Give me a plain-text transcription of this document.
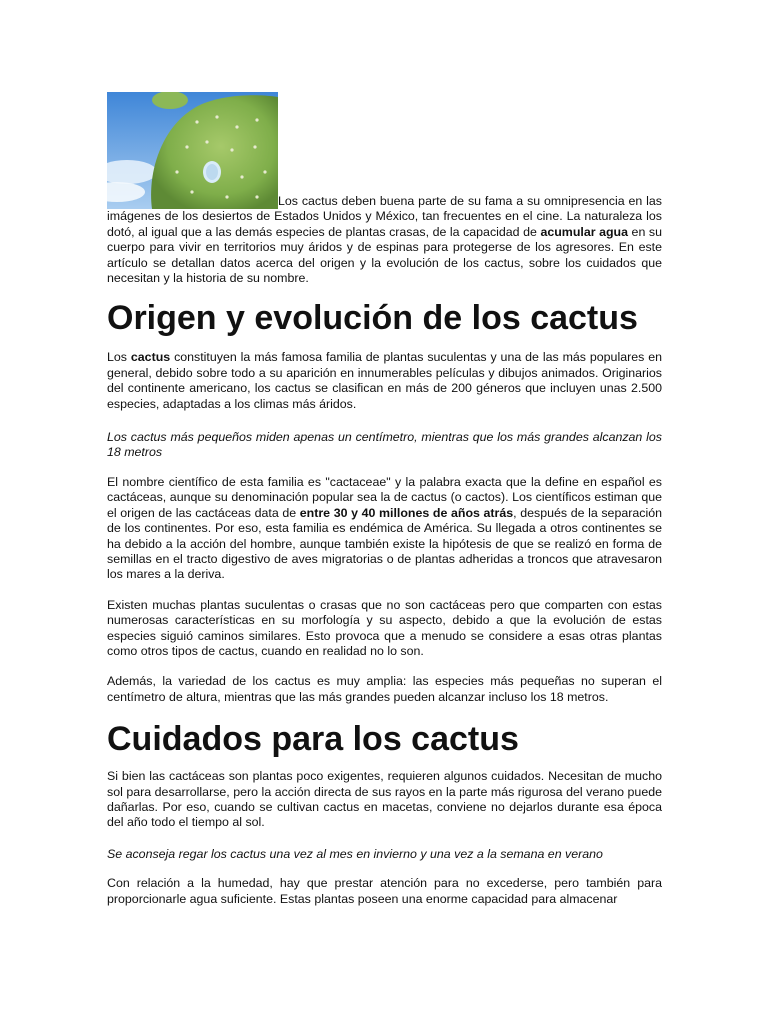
Los cactus deben buena parte de su fama a su omnipresencia en las imágenes de los desiertos de Estados Unidos y México, tan frecuentes en el cine. La naturaleza los dotó, al igual que a las demás especies de plantas crasas, de la capacidad de acumular agua en su cuerpo para vivir en territorios muy áridos y de espinas para protegerse de los agresores. En este artículo se detallan datos acerca del origen y la evolución de los cactus, sobre los cuidados que necesitan y la historia de su nombre.

Origen y evolución de los cactus

Los cactus constituyen la más famosa familia de plantas suculentas y una de las más populares en general, debido sobre todo a su aparición en innumerables películas y dibujos animados. Originarios del continente americano, los cactus se clasifican en más de 200 géneros que incluyen unas 2.500 especies, adaptadas a los climas más áridos.

Los cactus más pequeños miden apenas un centímetro, mientras que los más grandes alcanzan los 18 metros

El nombre científico de esta familia es "cactaceae" y la palabra exacta que la define en español es cactáceas, aunque su denominación popular sea la de cactus (o cactos). Los científicos estiman que el origen de las cactáceas data de entre 30 y 40 millones de años atrás, después de la separación de los continentes. Por eso, esta familia es endémica de América. Su llegada a otros continentes se ha debido a la acción del hombre, aunque también existe la hipótesis de que se realizó en forma de semillas en el tracto digestivo de aves migratorias o de plantas adheridas a troncos que atravesaron los mares a la deriva.

Existen muchas plantas suculentas o crasas que no son cactáceas pero que comparten con estas numerosas características en su morfología y su aspecto, debido a que la evolución de estas especies siguió caminos similares. Esto provoca que a menudo se considere a esas otras plantas como otros tipos de cactus, cuando en realidad no lo son.

Además, la variedad de los cactus es muy amplia: las especies más pequeñas no superan el centímetro de altura, mientras que las más grandes pueden alcanzar incluso los 18 metros.

Cuidados para los cactus

Si bien las cactáceas son plantas poco exigentes, requieren algunos cuidados. Necesitan de mucho sol para desarrollarse, pero la acción directa de sus rayos en la parte más rigurosa del verano puede dañarlas. Por eso, cuando se cultivan cactus en macetas, conviene no dejarlos durante esa época del año todo el tiempo al sol.

Se aconseja regar los cactus una vez al mes en invierno y una vez a la semana en verano

Con relación a la humedad, hay que prestar atención para no excederse, pero también para proporcionarle agua suficiente. Estas plantas poseen una enorme capacidad para almacenar
